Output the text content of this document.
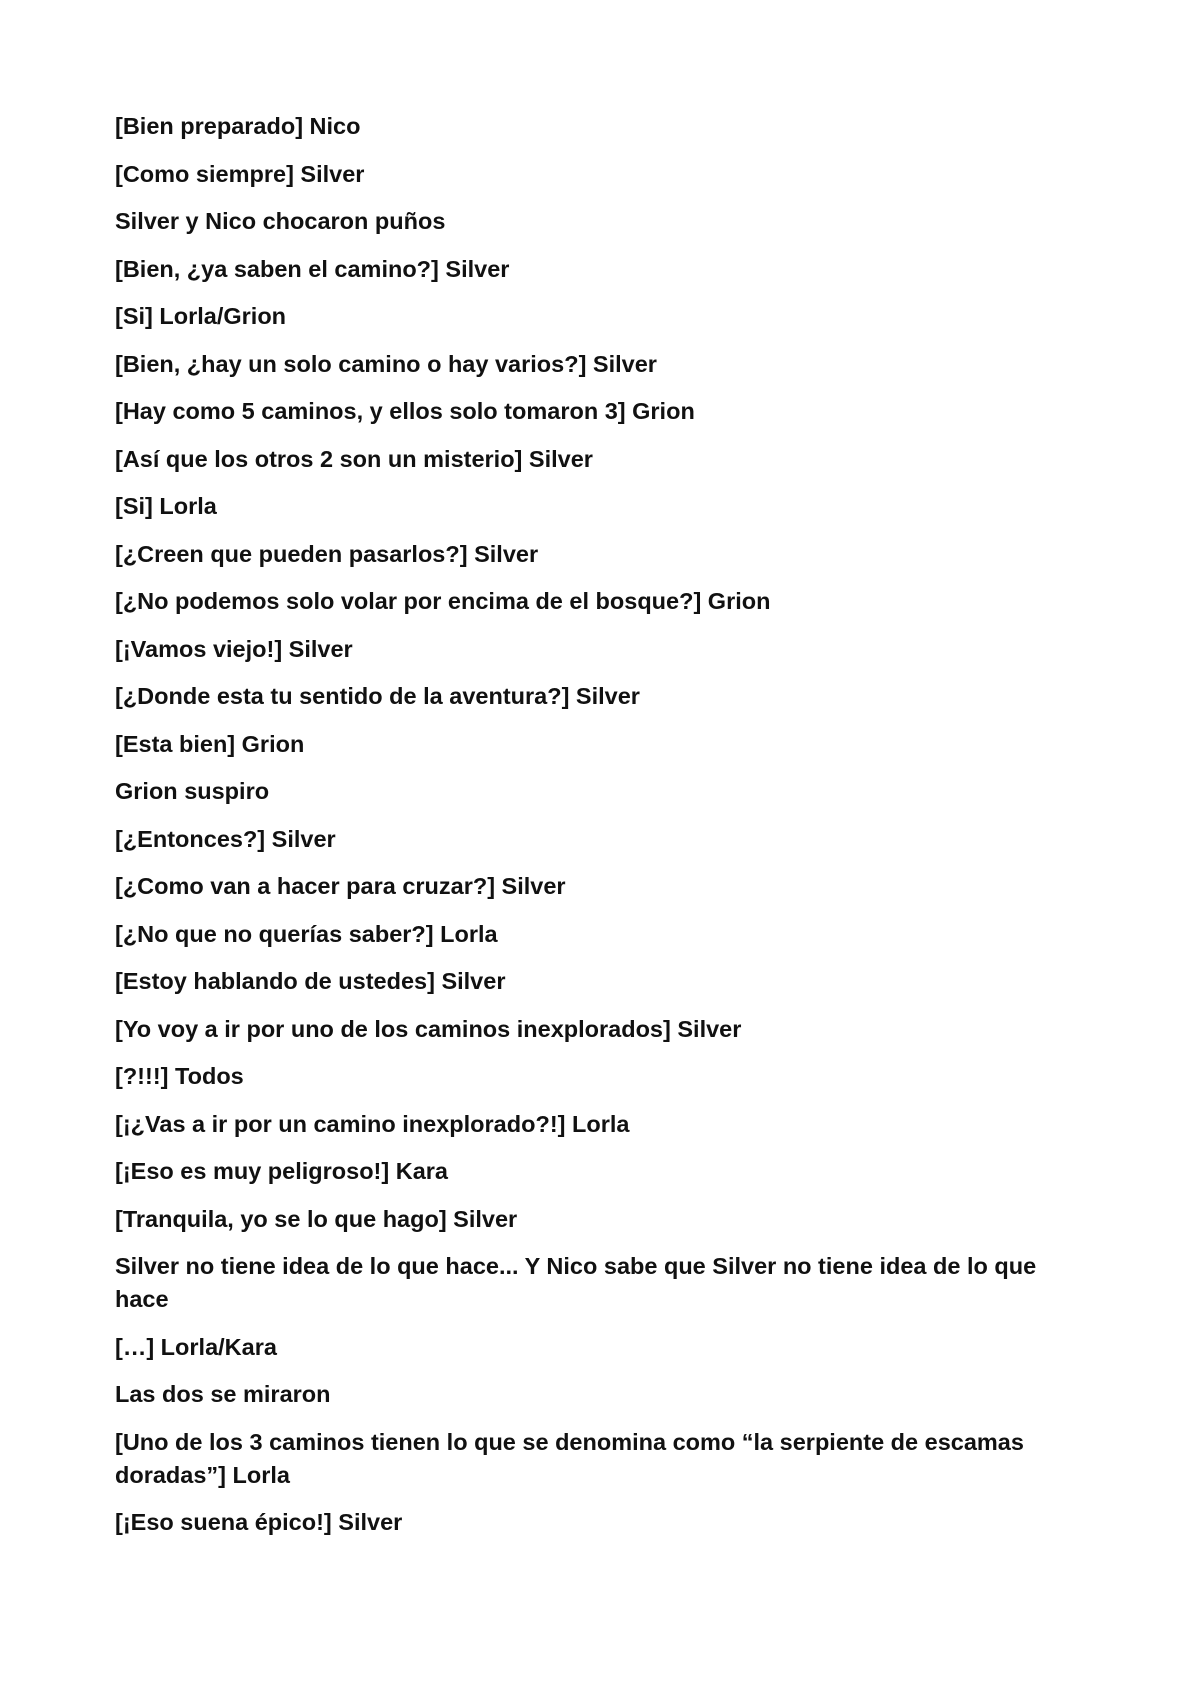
[Bien preparado] Nico

[Como siempre] Silver

Silver y Nico chocaron puños

[Bien, ¿ya saben el camino?] Silver

[Si] Lorla/Grion

[Bien, ¿hay un solo camino o hay varios?] Silver

[Hay como 5 caminos, y ellos solo tomaron 3] Grion

[Así que los otros 2 son un misterio] Silver

[Si] Lorla

[¿Creen que pueden pasarlos?] Silver

[¿No podemos solo volar por encima de el bosque?] Grion

[¡Vamos viejo!] Silver

[¿Donde esta tu sentido de la aventura?] Silver

[Esta bien] Grion

Grion suspiro

[¿Entonces?] Silver

[¿Como van a hacer para cruzar?] Silver

[¿No que no querías saber?] Lorla

[Estoy hablando de ustedes] Silver

[Yo voy a ir por uno de los caminos inexplorados] Silver

[?!!!] Todos

[¡¿Vas a ir por un camino inexplorado?!] Lorla

[¡Eso es muy peligroso!] Kara

[Tranquila, yo se lo que hago] Silver

Silver no tiene idea de lo que hace... Y Nico sabe que Silver no tiene idea de lo que hace

[…] Lorla/Kara

Las dos se miraron

[Uno de los 3 caminos tienen lo que se denomina como “la serpiente de escamas doradas”] Lorla

[¡Eso suena épico!] Silver
